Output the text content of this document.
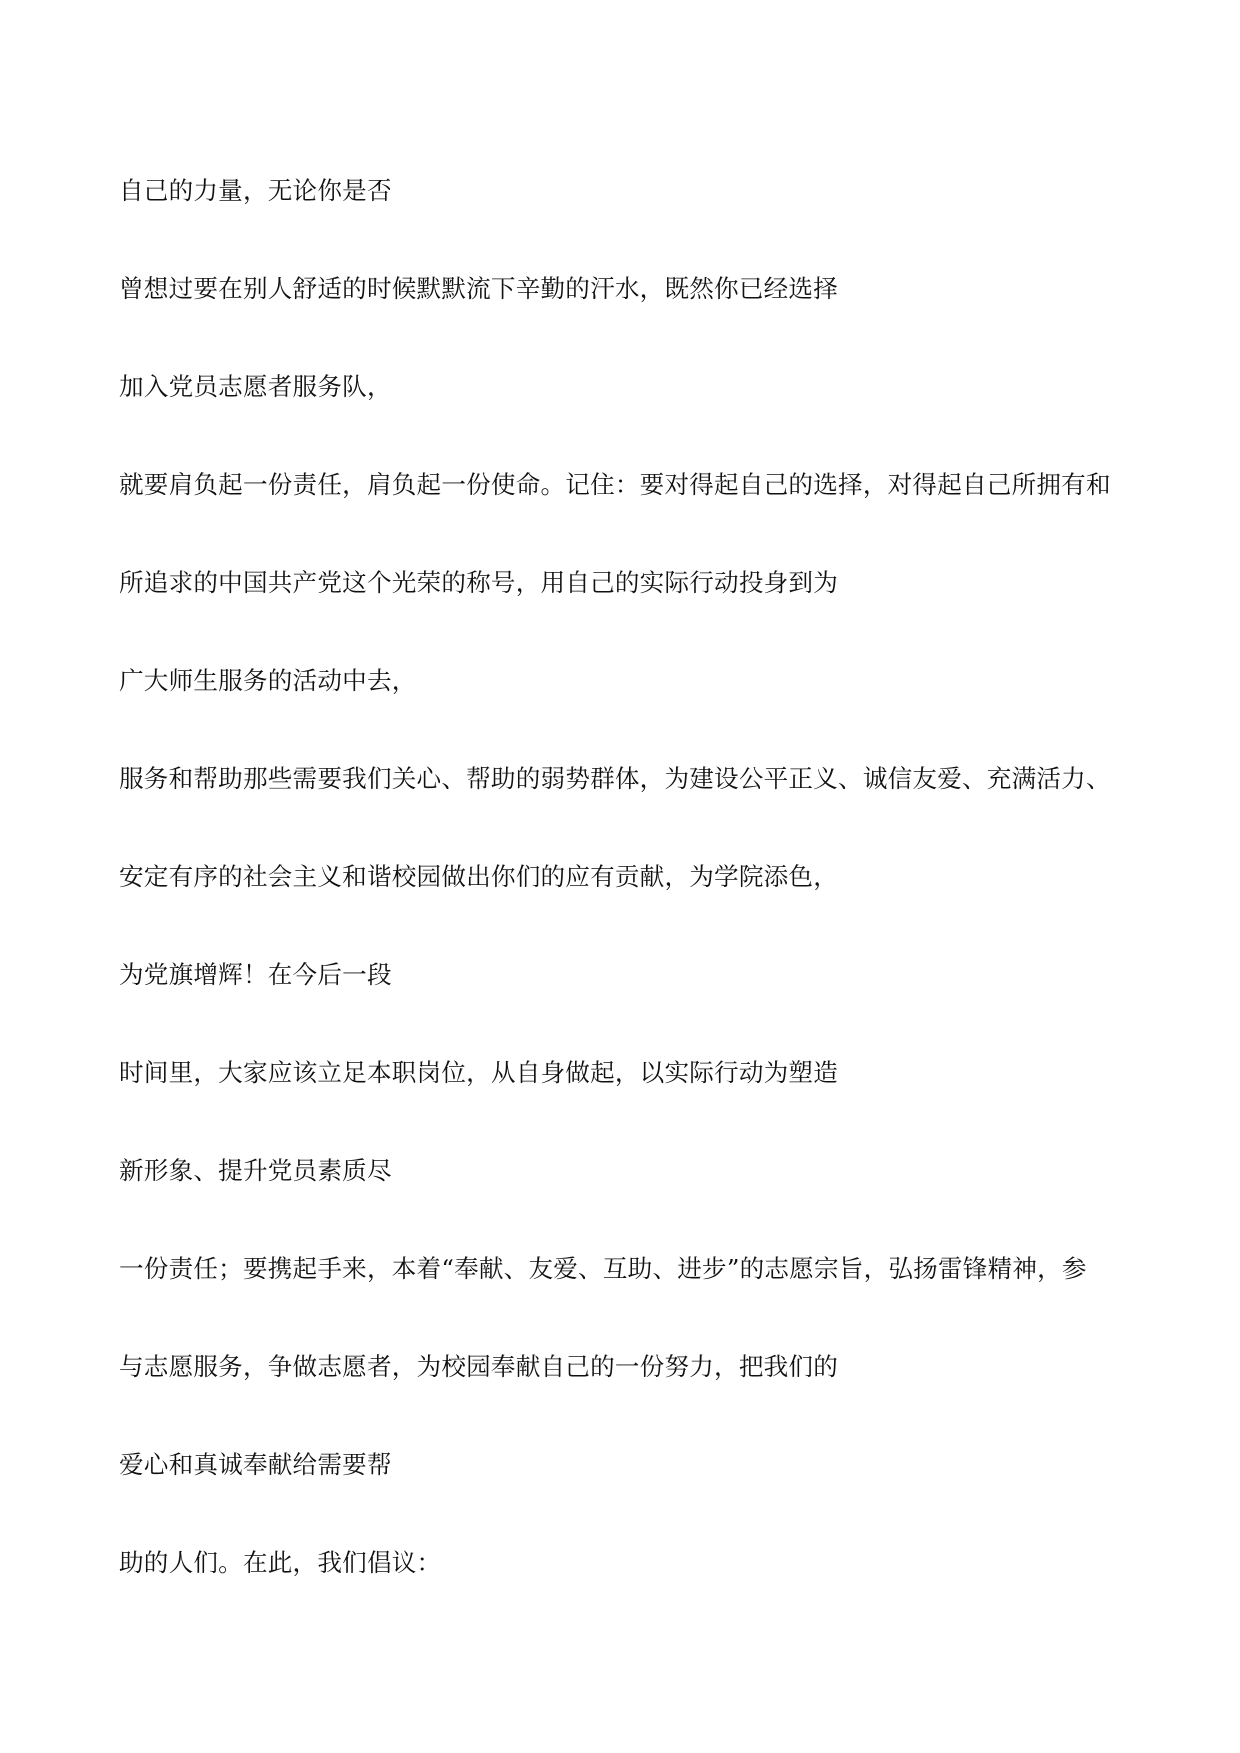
自己的力量，无论你是否

曾想过要在别人舒适的时候默默流下辛勤的汗水，既然你已经选择

加入党员志愿者服务队，

就要肩负起一份责任，肩负起一份使命。记住：要对得起自己的选择，对得起自己所拥有和

所追求的中国共产党这个光荣的称号，用自己的实际行动投身到为

广大师生服务的活动中去，

服务和帮助那些需要我们关心、帮助的弱势群体，为建设公平正义、诚信友爱、充满活力、

安定有序的社会主义和谐校园做出你们的应有贡献，为学院添色，

为党旗增辉！在今后一段

时间里，大家应该立足本职岗位，从自身做起，以实际行动为塑造

新形象、提升党员素质尽

一份责任；要携起手来，本着“奉献、友爱、互助、进步”的志愿宗旨，弘扬雷锋精神，参

与志愿服务，争做志愿者，为校园奉献自己的一份努力，把我们的

爱心和真诚奉献给需要帮

助的人们。在此，我们倡议：
